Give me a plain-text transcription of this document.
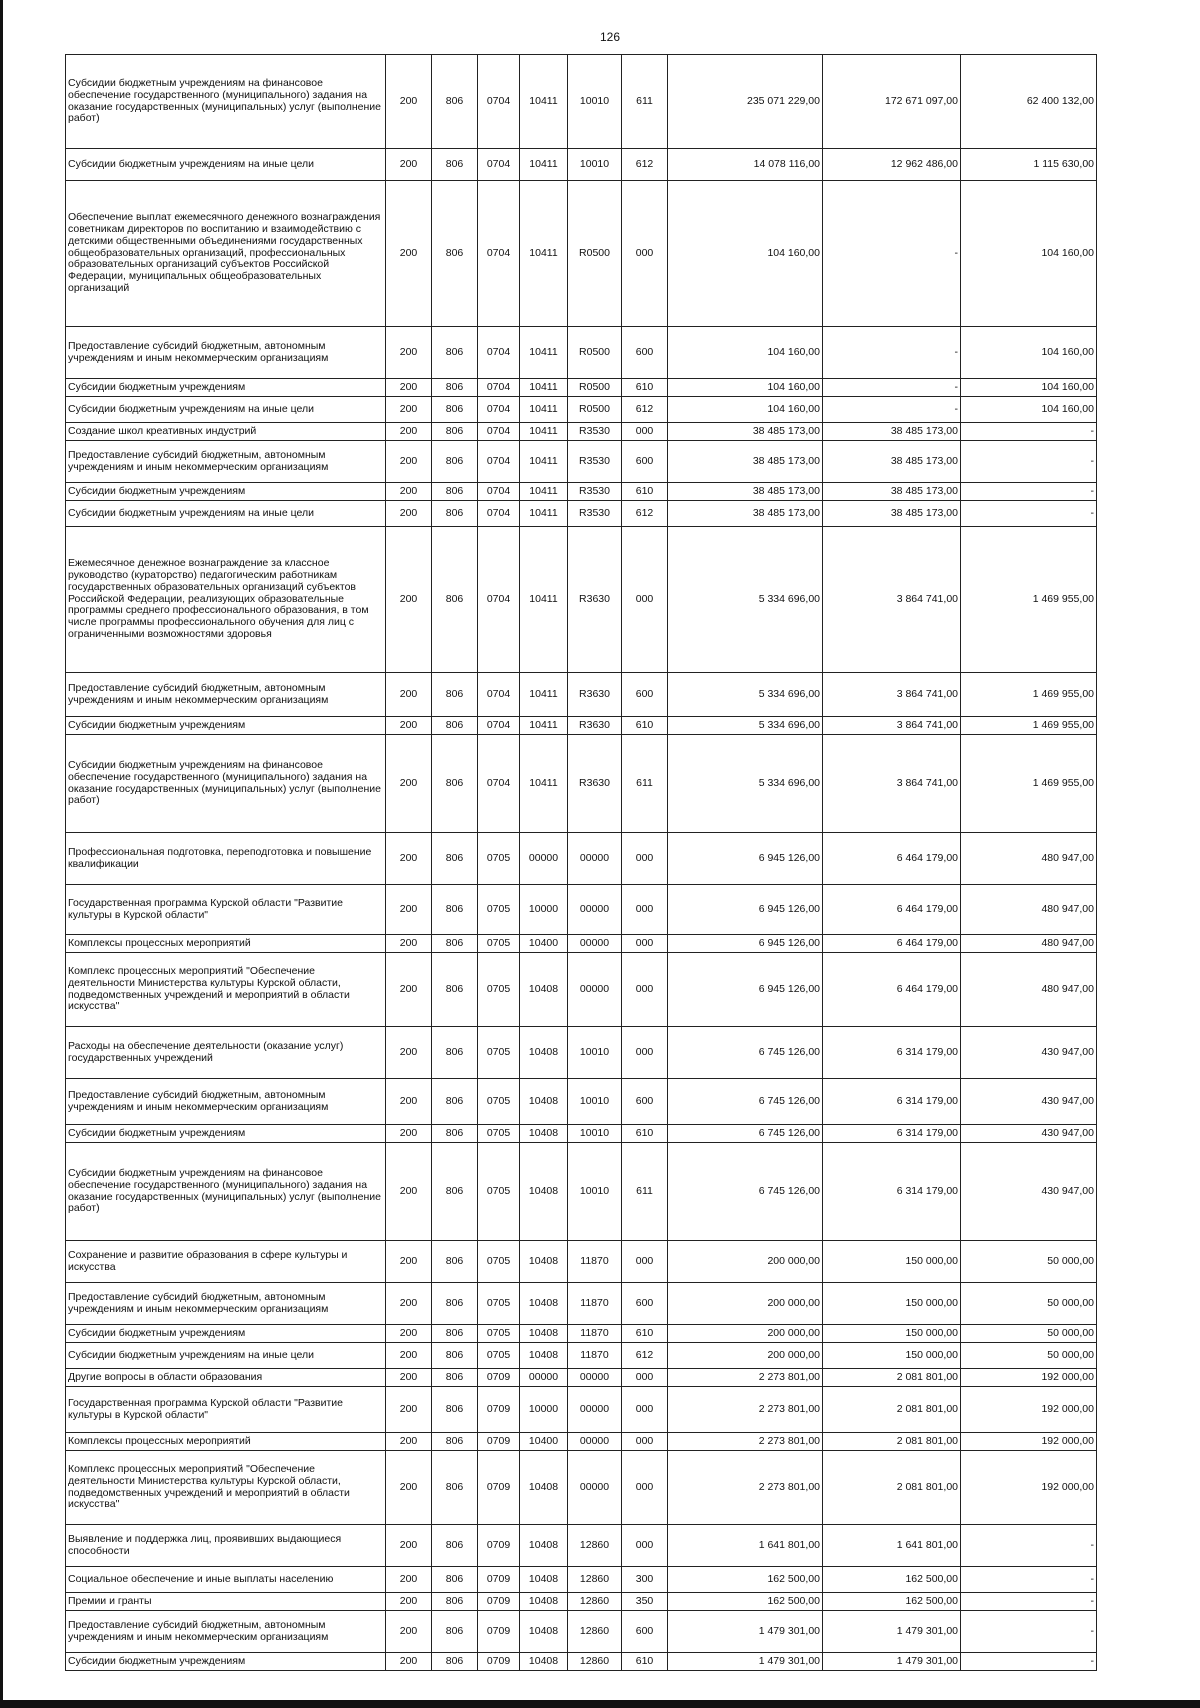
126
Субсидии бюджетным учреждениям на финансовое обеспечение государственного (муниципального) задания на оказание государственных (муниципальных) услуг (выполнение работ)	200	806	0704	10411	10010	611	235 071 229,00	172 671 097,00	62 400 132,00
Субсидии бюджетным учреждениям на иные цели	200	806	0704	10411	10010	612	14 078 116,00	12 962 486,00	1 115 630,00
Обеспечение выплат ежемесячного денежного вознаграждения советникам директоров по воспитанию и взаимодействию с детскими общественными объединениями государственных общеобразовательных организаций, профессиональных образовательных организаций субъектов Российской Федерации, муниципальных общеобразовательных организаций	200	806	0704	10411	R0500	000	104 160,00	-	104 160,00
Предоставление субсидий бюджетным, автономным учреждениям и иным некоммерческим организациям	200	806	0704	10411	R0500	600	104 160,00	-	104 160,00
Субсидии бюджетным учреждениям	200	806	0704	10411	R0500	610	104 160,00	-	104 160,00
Субсидии бюджетным учреждениям на иные цели	200	806	0704	10411	R0500	612	104 160,00	-	104 160,00
Создание школ креативных индустрий	200	806	0704	10411	R3530	000	38 485 173,00	38 485 173,00	-
Предоставление субсидий бюджетным, автономным учреждениям и иным некоммерческим организациям	200	806	0704	10411	R3530	600	38 485 173,00	38 485 173,00	-
Субсидии бюджетным учреждениям	200	806	0704	10411	R3530	610	38 485 173,00	38 485 173,00	-
Субсидии бюджетным учреждениям на иные цели	200	806	0704	10411	R3530	612	38 485 173,00	38 485 173,00	-
Ежемесячное денежное вознаграждение за классное руководство (кураторство) педагогическим работникам государственных образовательных организаций субъектов Российской Федерации, реализующих образовательные программы среднего профессионального образования, в том числе программы профессионального обучения для лиц с ограниченными возможностями здоровья	200	806	0704	10411	R3630	000	5 334 696,00	3 864 741,00	1 469 955,00
Предоставление субсидий бюджетным, автономным учреждениям и иным некоммерческим организациям	200	806	0704	10411	R3630	600	5 334 696,00	3 864 741,00	1 469 955,00
Субсидии бюджетным учреждениям	200	806	0704	10411	R3630	610	5 334 696,00	3 864 741,00	1 469 955,00
Субсидии бюджетным учреждениям на финансовое обеспечение государственного (муниципального) задания на оказание государственных (муниципальных) услуг (выполнение работ)	200	806	0704	10411	R3630	611	5 334 696,00	3 864 741,00	1 469 955,00
Профессиональная подготовка, переподготовка и повышение квалификации	200	806	0705	00000	00000	000	6 945 126,00	6 464 179,00	480 947,00
Государственная программа Курской области "Развитие культуры в Курской области"	200	806	0705	10000	00000	000	6 945 126,00	6 464 179,00	480 947,00
Комплексы процессных мероприятий	200	806	0705	10400	00000	000	6 945 126,00	6 464 179,00	480 947,00
Комплекс процессных мероприятий "Обеспечение деятельности Министерства культуры Курской области, подведомственных учреждений и мероприятий в области искусства"	200	806	0705	10408	00000	000	6 945 126,00	6 464 179,00	480 947,00
Расходы на обеспечение деятельности (оказание услуг) государственных учреждений	200	806	0705	10408	10010	000	6 745 126,00	6 314 179,00	430 947,00
Предоставление субсидий бюджетным, автономным учреждениям и иным некоммерческим организациям	200	806	0705	10408	10010	600	6 745 126,00	6 314 179,00	430 947,00
Субсидии бюджетным учреждениям	200	806	0705	10408	10010	610	6 745 126,00	6 314 179,00	430 947,00
Субсидии бюджетным учреждениям на финансовое обеспечение государственного (муниципального) задания на оказание государственных (муниципальных) услуг (выполнение работ)	200	806	0705	10408	10010	611	6 745 126,00	6 314 179,00	430 947,00
Сохранение и развитие образования в сфере культуры и искусства	200	806	0705	10408	11870	000	200 000,00	150 000,00	50 000,00
Предоставление субсидий бюджетным, автономным учреждениям и иным некоммерческим организациям	200	806	0705	10408	11870	600	200 000,00	150 000,00	50 000,00
Субсидии бюджетным учреждениям	200	806	0705	10408	11870	610	200 000,00	150 000,00	50 000,00
Субсидии бюджетным учреждениям на иные цели	200	806	0705	10408	11870	612	200 000,00	150 000,00	50 000,00
Другие вопросы в области образования	200	806	0709	00000	00000	000	2 273 801,00	2 081 801,00	192 000,00
Государственная программа Курской области "Развитие культуры в Курской области"	200	806	0709	10000	00000	000	2 273 801,00	2 081 801,00	192 000,00
Комплексы процессных мероприятий	200	806	0709	10400	00000	000	2 273 801,00	2 081 801,00	192 000,00
Комплекс процессных мероприятий "Обеспечение деятельности Министерства культуры Курской области, подведомственных учреждений и мероприятий в области искусства"	200	806	0709	10408	00000	000	2 273 801,00	2 081 801,00	192 000,00
Выявление и поддержка лиц, проявивших выдающиеся способности	200	806	0709	10408	12860	000	1 641 801,00	1 641 801,00	-
Социальное обеспечение и иные выплаты населению	200	806	0709	10408	12860	300	162 500,00	162 500,00	-
Премии и гранты	200	806	0709	10408	12860	350	162 500,00	162 500,00	-
Предоставление субсидий бюджетным, автономным учреждениям и иным некоммерческим организациям	200	806	0709	10408	12860	600	1 479 301,00	1 479 301,00	-
Субсидии бюджетным учреждениям	200	806	0709	10408	12860	610	1 479 301,00	1 479 301,00	-
